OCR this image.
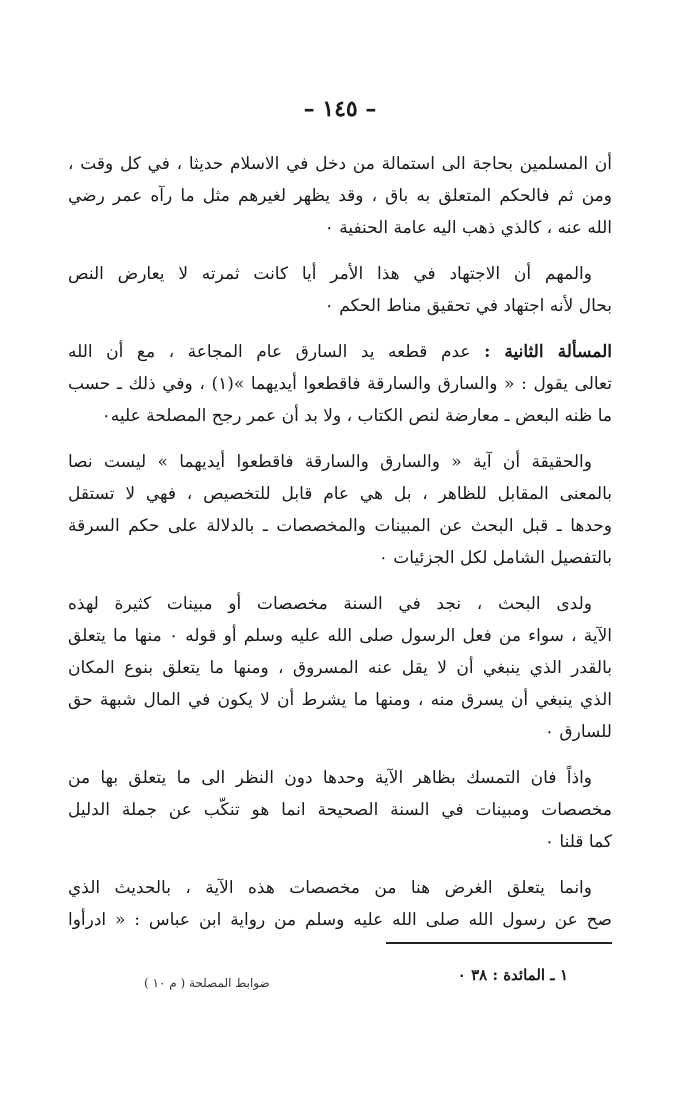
– ١٤٥ –
أن المسلمين بحاجة الى استمالة من دخل في الاسلام حديثا ، في كل وقت ،
ومن ثم فالحكم المتعلق به باق ، وقد يظهر لغيرهم مثل ما رآه عمر رضي
الله عنه ، كالذي ذهب اليه عامة الحنفية ٠
والمهم أن الاجتهاد في هذا الأمر أيا كانت ثمرته لا يعارض النص
بحال لأنه اجتهاد في تحقيق مناط الحكم ٠
المسألة الثانية : عدم قطعه يد السارق عام المجاعة ، مع أن الله
تعالى يقول : « والسارق والسارقة فاقطعوا أيديهما »(١) ، وفي ذلك ـ حسب
ما ظنه البعض ـ معارضة لنص الكتاب ، ولا بد أن عمر رجح المصلحة عليه٠
والحقيقة أن آية « والسارق والسارقة فاقطعوا أيديهما » ليست نصا
بالمعنى المقابل للظاهر ، بل هي عام قابل للتخصيص ، فهي لا تستقل
وحدها ـ قبل البحث عن المبينات والمخصصات ـ بالدلالة على حكم السرقة
بالتفصيل الشامل لكل الجزئيات ٠
ولدى البحث ، نجد في السنة مخصصات أو مبينات كثيرة لهذه
الآية ، سواء من فعل الرسول صلى الله عليه وسلم أو قوله ٠ منها ما يتعلق
بالقدر الذي ينبغي أن لا يقل عنه المسروق ، ومنها ما يتعلق بنوع المكان
الذي ينبغي أن يسرق منه ، ومنها ما يشرط أن لا يكون في المال شبهة حق
للسارق ٠
واذاً فان التمسك بظاهر الآية وحدها دون النظر الى ما يتعلق بها من
مخصصات ومبينات في السنة الصحيحة انما هو تنكّب عن جملة الدليل
كما قلنا ٠
وانما يتعلق الغرض هنا من مخصصات هذه الآية ، بالحديث الذي
صح عن رسول الله صلى الله عليه وسلم من رواية ابن عباس : « ادرأوا
١ ـ المائدة : ٣٨ ٠
ضوابط المصلحة ( م ١٠ )
